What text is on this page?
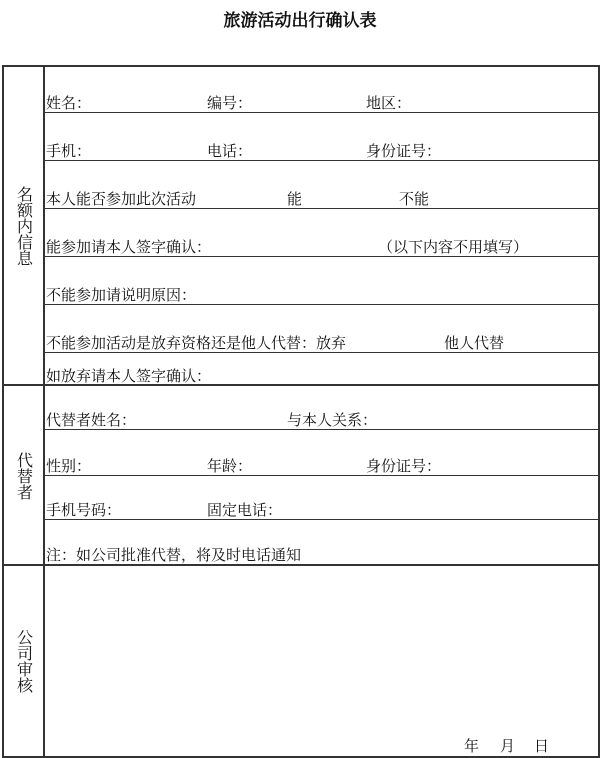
旅游活动出行确认表
名额内信息
代替者
公司审核
姓名：	编号：	地区：
手机：	电话：	身份证号：
本人能否参加此次活动	能	不能
能参加请本人签字确认：	（以下内容不用填写）
不能参加请说明原因：
不能参加活动是放弃资格还是他人代替：放弃	他人代替
如放弃请本人签字确认：
代替者姓名：	与本人关系：
性别：	年龄：	身份证号：
手机号码：	固定电话：
注：如公司批准代替，将及时电话通知
年 月 日
